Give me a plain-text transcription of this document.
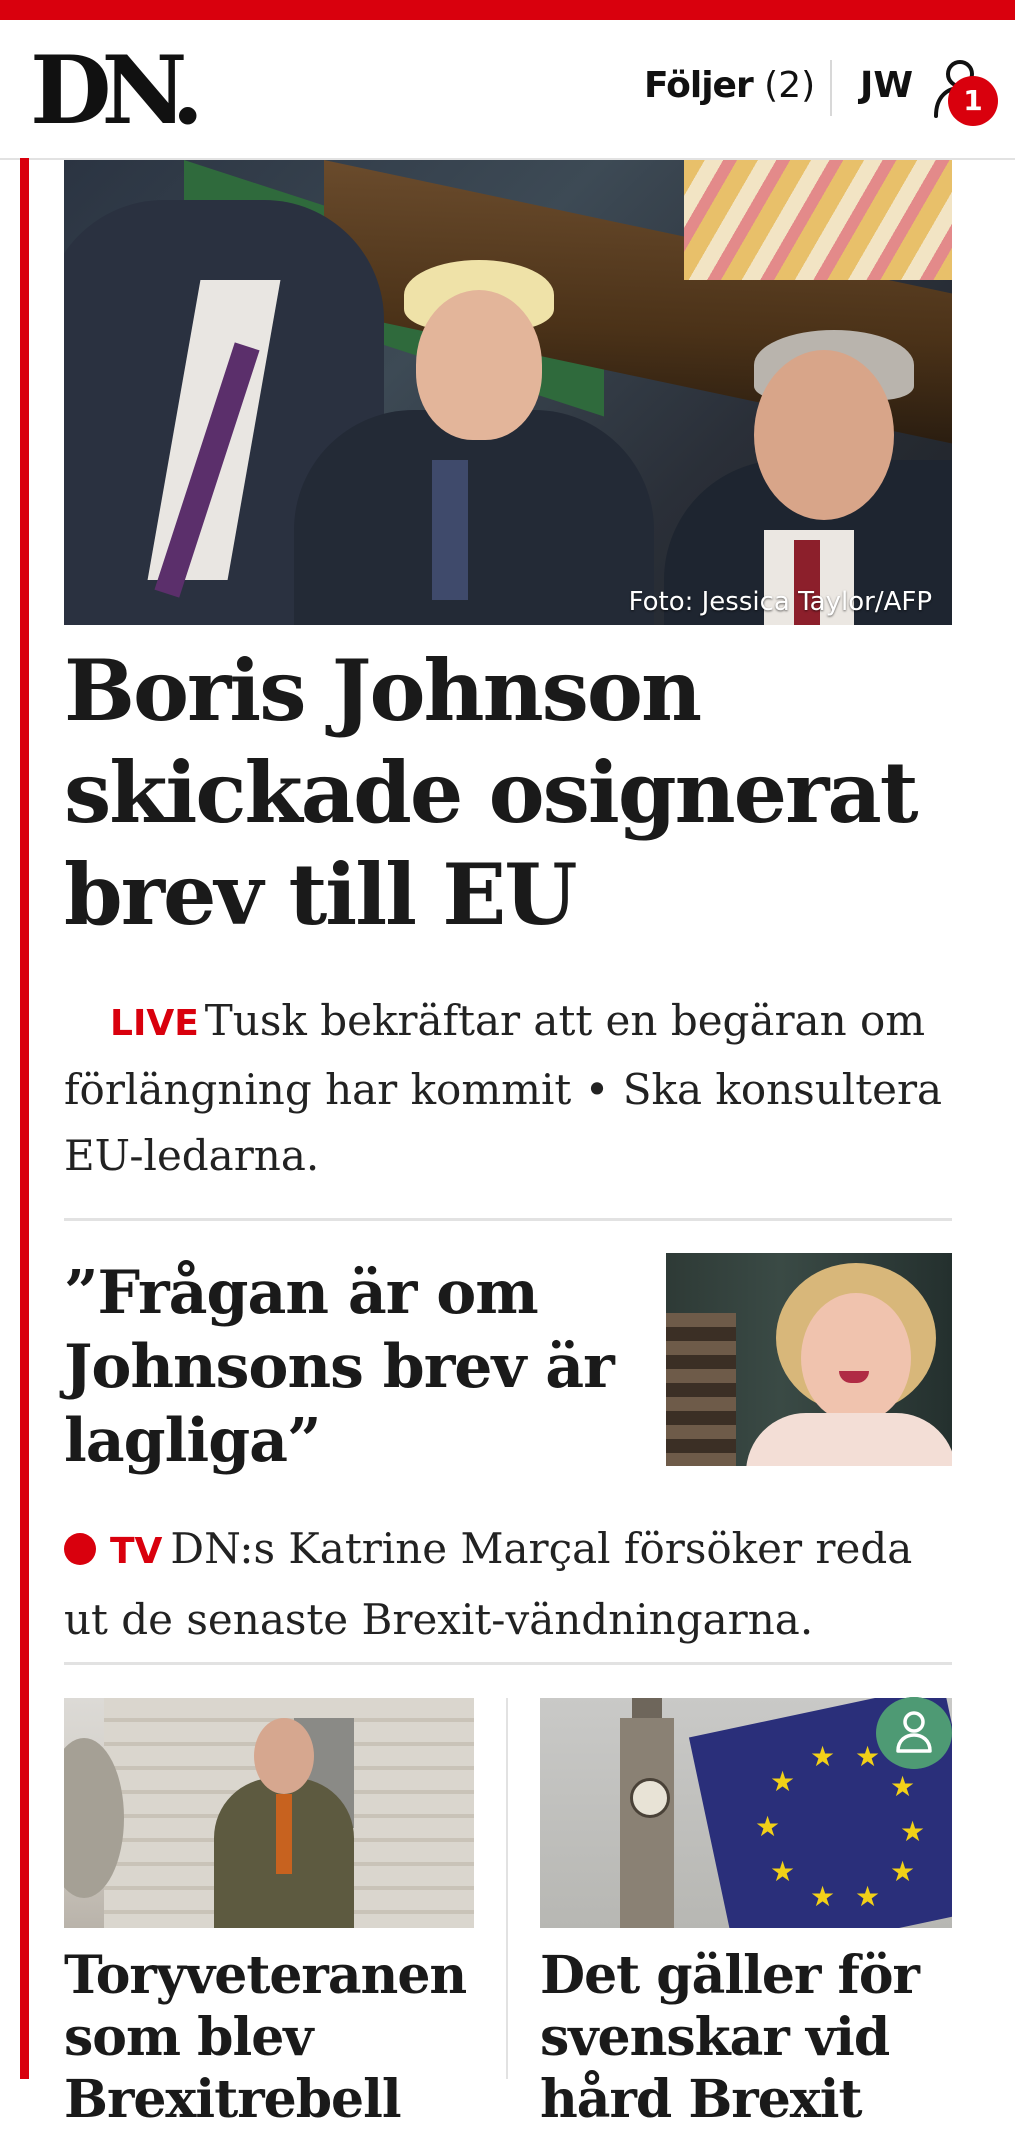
DN.	Följer (2) JW	1
Foto: Jessica Taylor/AFP
Boris Johnson skickade osignerat brev till EU

LIVE Tusk bekräftar att en begäran om förlängning har kommit • Ska konsultera EU-ledarna.

”Frågan är om Johnsons brev är lagliga”

TV DN:s Katrine Marçal försöker reda ut de senaste Brexit-vändningarna.

★
★ ★
★
★	★
★
★ ★
★
Toryveteranen som blev Brexitrebell
Det gäller för svenskar vid hård Brexit
